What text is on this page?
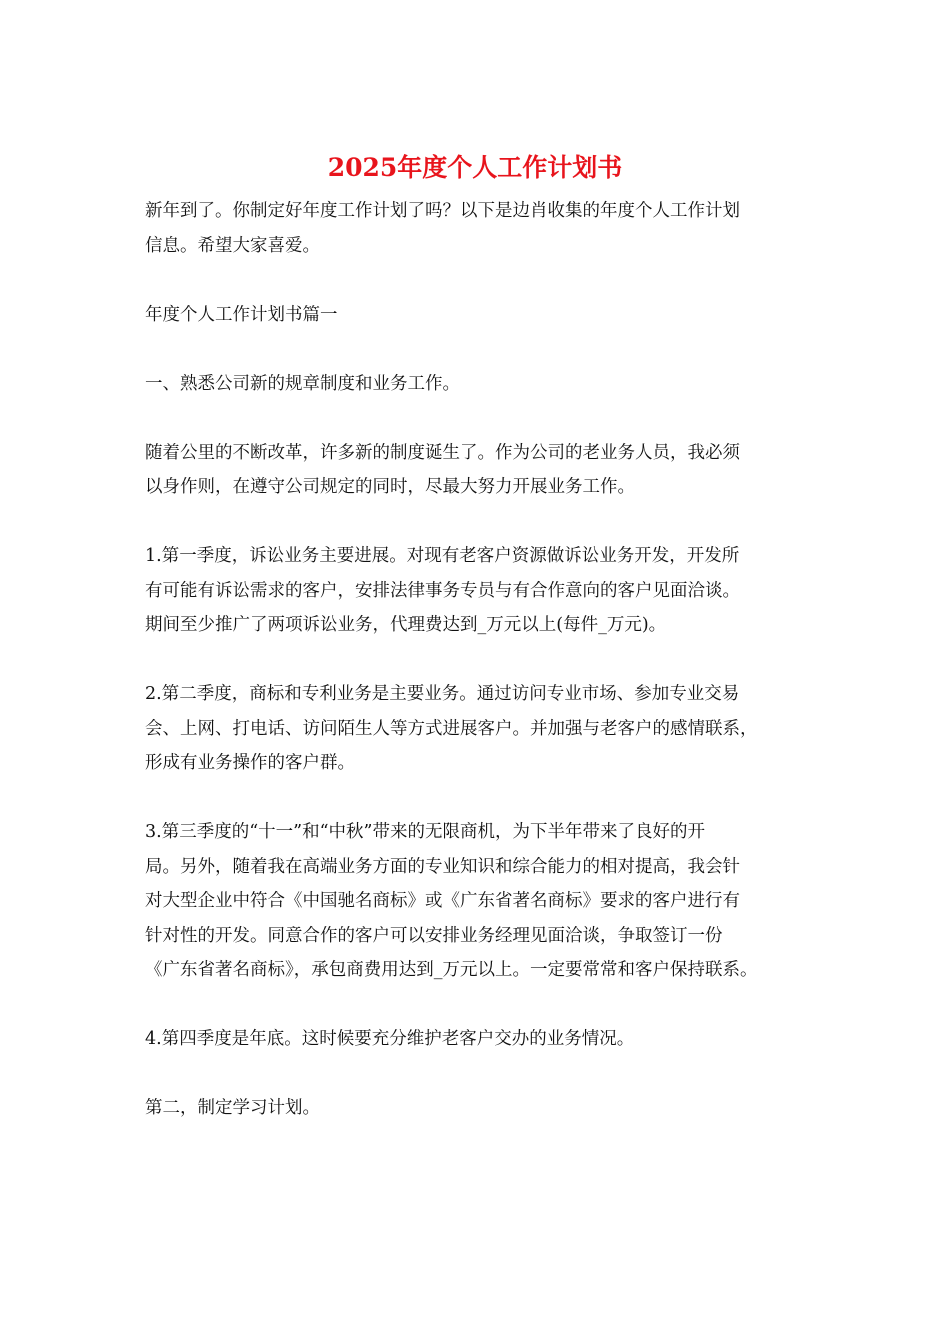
2025年度个人工作计划书

新年到了。你制定好年度工作计划了吗？以下是边肖收集的年度个人工作计划
信息。希望大家喜爱。

年度个人工作计划书篇一

一、熟悉公司新的规章制度和业务工作。

随着公里的不断改革，许多新的制度诞生了。作为公司的老业务人员，我必须
以身作则，在遵守公司规定的同时，尽最大努力开展业务工作。

1.第一季度，诉讼业务主要进展。对现有老客户资源做诉讼业务开发，开发所
有可能有诉讼需求的客户，安排法律事务专员与有合作意向的客户见面洽谈。
期间至少推广了两项诉讼业务，代理费达到_万元以上(每件_万元)。

2.第二季度，商标和专利业务是主要业务。通过访问专业市场、参加专业交易
会、上网、打电话、访问陌生人等方式进展客户。并加强与老客户的感情联系，
形成有业务操作的客户群。

3.第三季度的“十一”和“中秋”带来的无限商机，为下半年带来了良好的开
局。另外，随着我在高端业务方面的专业知识和综合能力的相对提高，我会针
对大型企业中符合《中国驰名商标》或《广东省著名商标》要求的客户进行有
针对性的开发。同意合作的客户可以安排业务经理见面洽谈，争取签订一份
《广东省著名商标》，承包商费用达到_万元以上。一定要常常和客户保持联系。

4.第四季度是年底。这时候要充分维护老客户交办的业务情况。

第二，制定学习计划。
